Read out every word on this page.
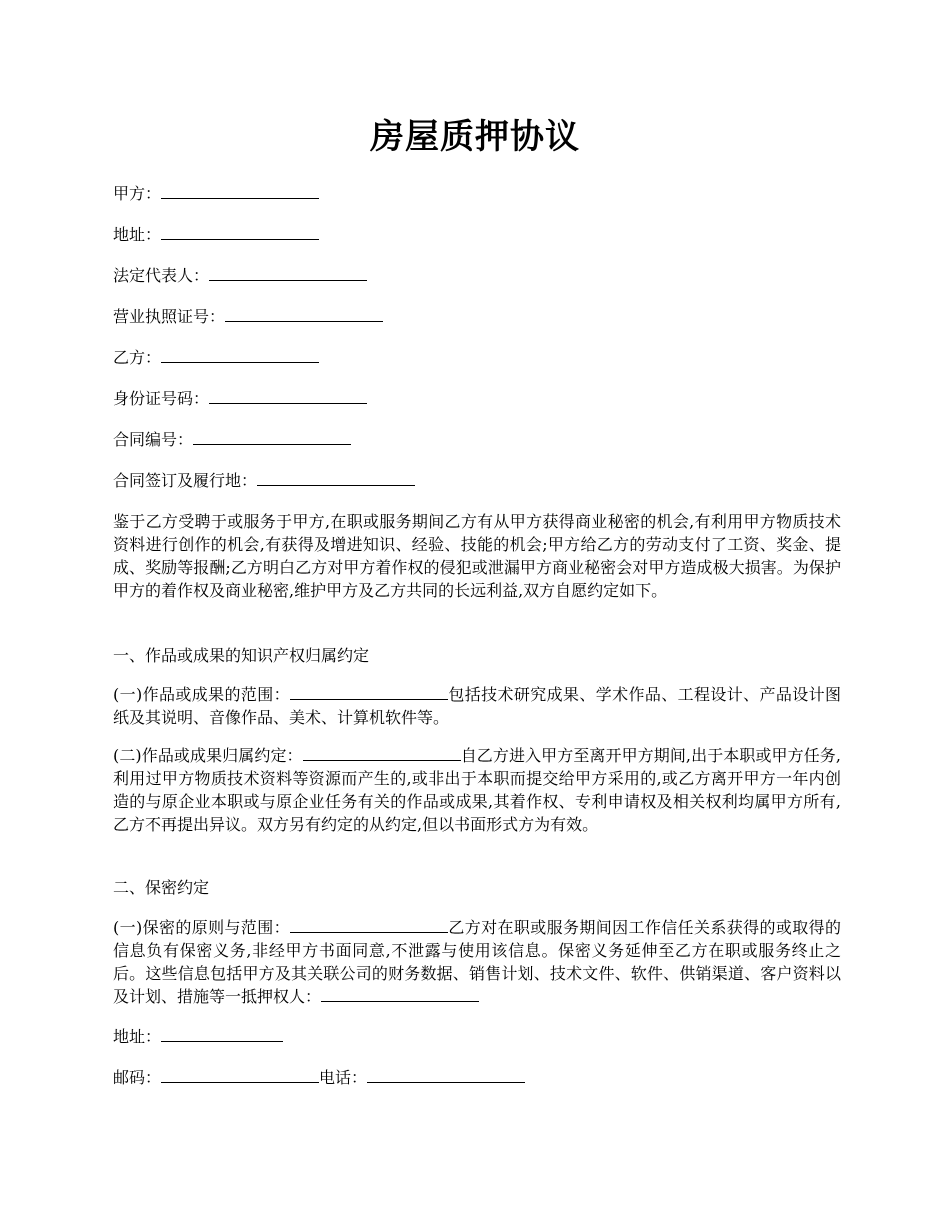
房屋质押协议
甲方：
地址：
法定代表人：
营业执照证号：
乙方：
身份证号码：
合同编号：
合同签订及履行地：

鉴于乙方受聘于或服务于甲方,在职或服务期间乙方有从甲方获得商业秘密的机会,有利用甲方物质技术资料进行创作的机会,有获得及增进知识、经验、技能的机会;甲方给乙方的劳动支付了工资、奖金、提成、奖励等报酬;乙方明白乙方对甲方着作权的侵犯或泄漏甲方商业秘密会对甲方造成极大损害。为保护甲方的着作权及商业秘密,维护甲方及乙方共同的长远利益,双方自愿约定如下。

一、作品或成果的知识产权归属约定

(一)作品或成果的范围：	包括技术研究成果、学术作品、工程设计、产品设计图纸及其说明、音像作品、美术、计算机软件等。

(二)作品或成果归属约定：	自乙方进入甲方至离开甲方期间,出于本职或甲方任务,利用过甲方物质技术资料等资源而产生的,或非出于本职而提交给甲方采用的,或乙方离开甲方一年内创造的与原企业本职或与原企业任务有关的作品或成果,其着作权、专利申请权及相关权利均属甲方所有,乙方不再提出异议。双方另有约定的从约定,但以书面形式方为有效。

二、保密约定

(一)保密的原则与范围：	乙方对在职或服务期间因工作信任关系获得的或取得的信息负有保密义务,非经甲方书面同意,不泄露与使用该信息。保密义务延伸至乙方在职或服务终止之后。这些信息包括甲方及其关联公司的财务数据、销售计划、技术文件、软件、供销渠道、客户资料以及计划、措施等一抵押权人：

地址：
邮码：	电话：
